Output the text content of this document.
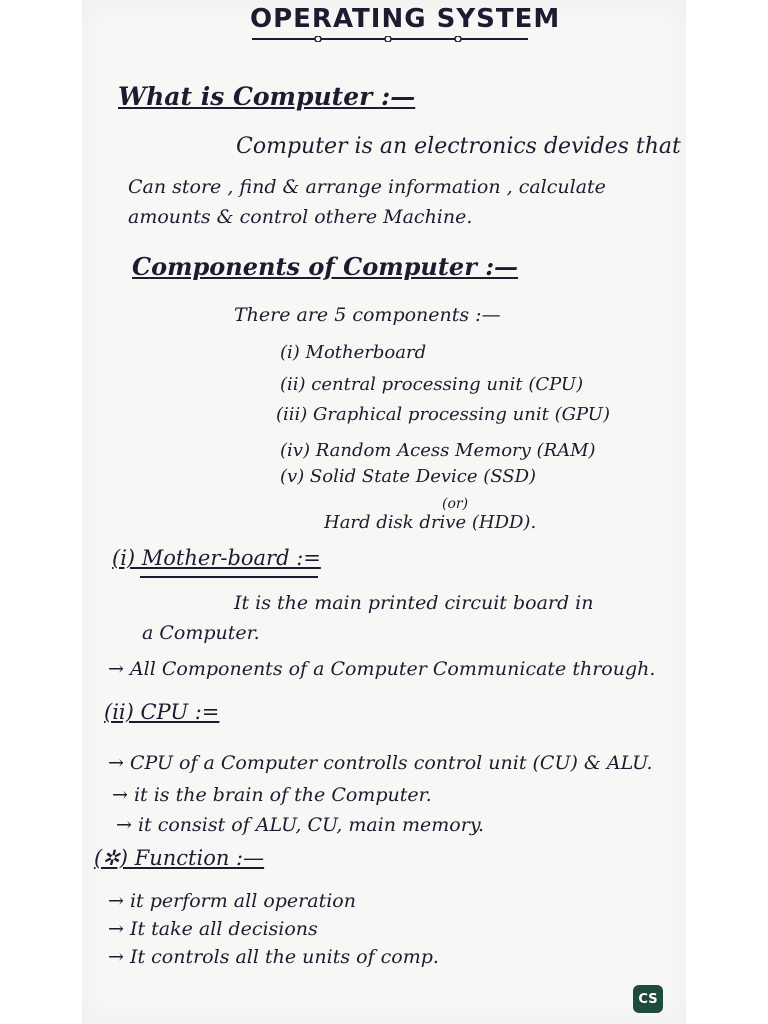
OPERATING SYSTEM
What is Computer :—
Computer is an electronics devides that
Can store , find & arrange information , calculate
amounts & control othere Machine.
Components of Computer :—
There are 5 components :—
(i) Motherboard
(ii) central processing unit (CPU)
(iii) Graphical processing unit (GPU)
(iv) Random Acess Memory (RAM)
(v) Solid State Device (SSD)
(or)
Hard disk drive (HDD).
(i) Mother-board :=
It is the main printed circuit board in
a Computer.
→ All Components of a Computer Communicate through.
(ii) CPU :=
→ CPU of a Computer controlls control unit (CU) & ALU.
→ it is the brain of the Computer.
→ it consist of ALU, CU, main memory.
(✲) Function :—
→ it perform all operation
→ It take all decisions
→ It controls all the units of comp.
CS
